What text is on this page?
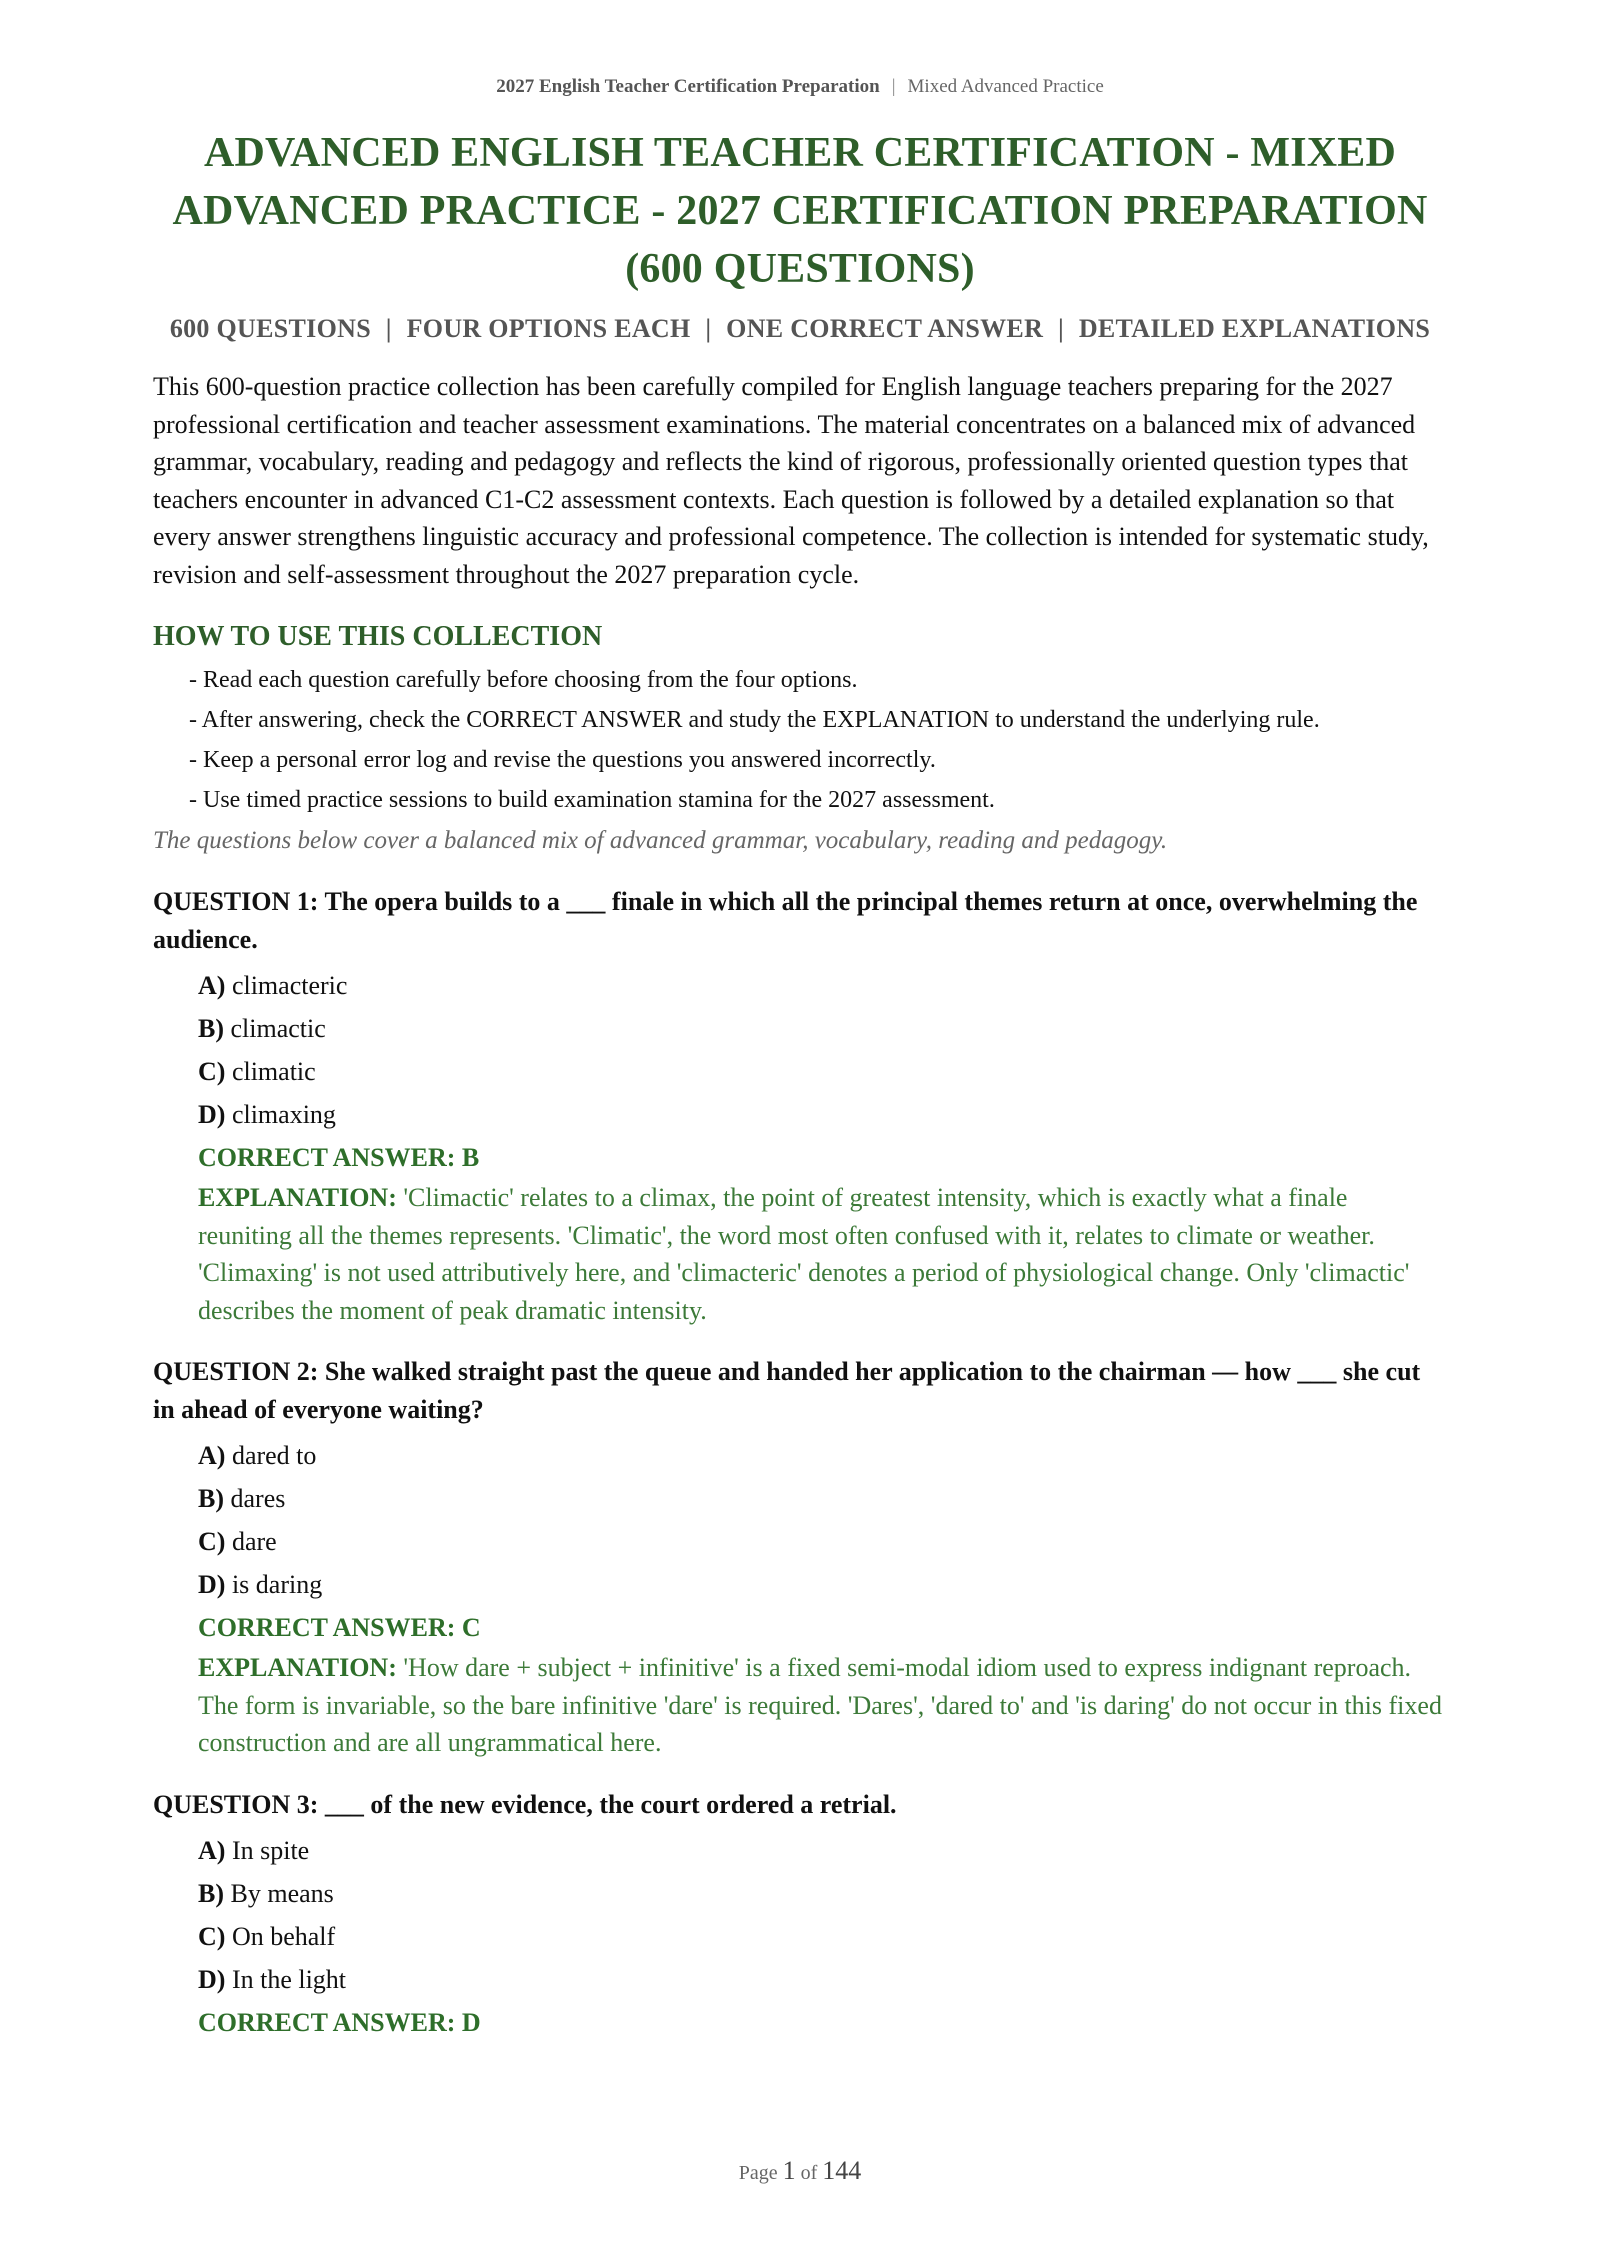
2027 English Teacher Certification Preparation | Mixed Advanced Practice
ADVANCED ENGLISH TEACHER CERTIFICATION - MIXED ADVANCED PRACTICE - 2027 CERTIFICATION PREPARATION (600 QUESTIONS)
600 QUESTIONS | FOUR OPTIONS EACH | ONE CORRECT ANSWER | DETAILED EXPLANATIONS

This 600-question practice collection has been carefully compiled for English language teachers preparing for the 2027 professional certification and teacher assessment examinations. The material concentrates on a balanced mix of advanced grammar, vocabulary, reading and pedagogy and reflects the kind of rigorous, professionally oriented question types that teachers encounter in advanced C1-C2 assessment contexts. Each question is followed by a detailed explanation so that every answer strengthens linguistic accuracy and professional competence. The collection is intended for systematic study, revision and self-assessment throughout the 2027 preparation cycle.

HOW TO USE THIS COLLECTION
- Read each question carefully before choosing from the four options.
- After answering, check the CORRECT ANSWER and study the EXPLANATION to understand the underlying rule.
- Keep a personal error log and revise the questions you answered incorrectly.
- Use timed practice sessions to build examination stamina for the 2027 assessment.
The questions below cover a balanced mix of advanced grammar, vocabulary, reading and pedagogy.
QUESTION 1: The opera builds to a ___ finale in which all the principal themes return at once, overwhelming the audience.
A) climacteric
B) climactic
C) climatic
D) climaxing
CORRECT ANSWER: B
EXPLANATION: 'Climactic' relates to a climax, the point of greatest intensity, which is exactly what a finale reuniting all the themes represents. 'Climatic', the word most often confused with it, relates to climate or weather. 'Climaxing' is not used attributively here, and 'climacteric' denotes a period of physiological change. Only 'climactic' describes the moment of peak dramatic intensity.
QUESTION 2: She walked straight past the queue and handed her application to the chairman — how ___ she cut in ahead of everyone waiting?
A) dared to
B) dares
C) dare
D) is daring
CORRECT ANSWER: C
EXPLANATION: 'How dare + subject + infinitive' is a fixed semi-modal idiom used to express indignant reproach. The form is invariable, so the bare infinitive 'dare' is required. 'Dares', 'dared to' and 'is daring' do not occur in this fixed construction and are all ungrammatical here.
QUESTION 3: ___ of the new evidence, the court ordered a retrial.
A) In spite
B) By means
C) On behalf
D) In the light
CORRECT ANSWER: D
Page 1 of 144
